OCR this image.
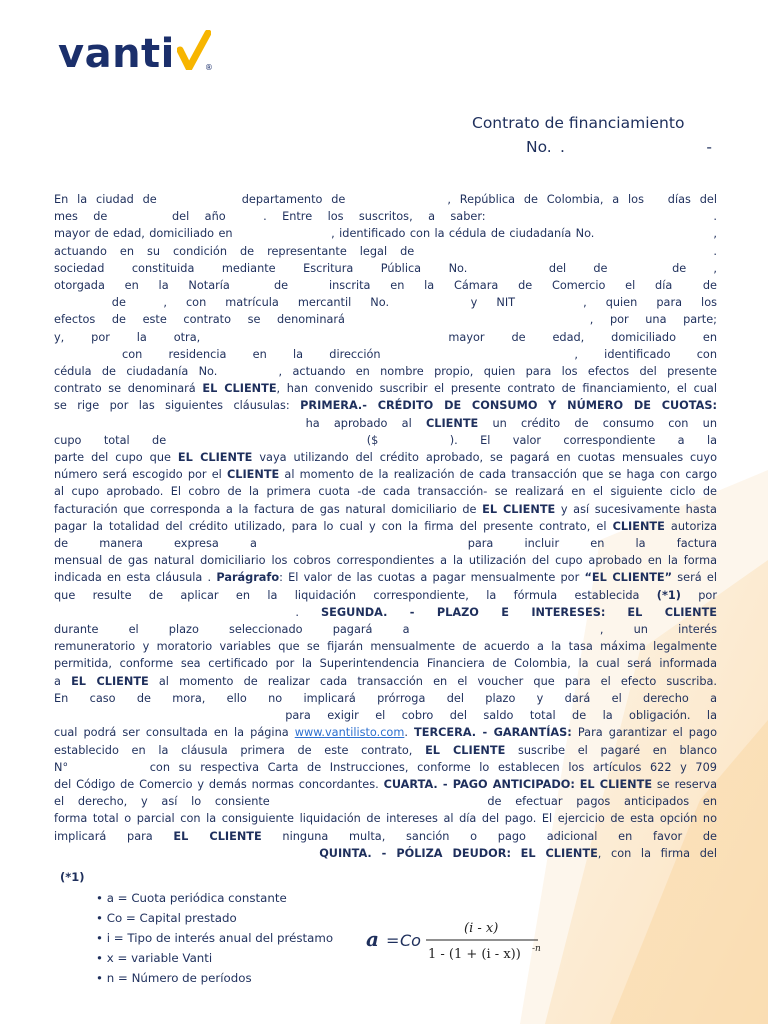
vanti	®
Contrato de financiamiento
No. .	-
En la ciudad de	departamento de	, República de Colombia, a los días del
mes de	del año	. Entre los suscritos, a saber:	.
mayor de edad, domiciliado en	, identificado con la cédula de ciudadanía No.	,
actuando en su condición de representante legal de	.
sociedad constituida mediante Escritura Pública No.	del de	de ,
otorgada en la Notaría	de	inscrita en la Cámara de Comercio el día	de
de	, con matrícula mercantil No.	y NIT	, quien para los
efectos de este contrato se denominará	, por una parte;
y, por la otra,	mayor de edad, domiciliado en
con residencia en la dirección	, identificado con
cédula de ciudadanía No.	, actuando en nombre propio, quien para los efectos del presente
contrato se denominará EL CLIENTE, han convenido suscribir el presente contrato de financiamiento, el cual
se rige por las siguientes cláusulas: PRIMERA.- CRÉDITO DE CONSUMO Y NÚMERO DE CUOTAS:
ha aprobado al CLIENTE un crédito de consumo con un
cupo total de	($	). El valor correspondiente a la
parte del cupo que EL CLIENTE vaya utilizando del crédito aprobado, se pagará en cuotas mensuales cuyo
número será escogido por el CLIENTE al momento de la realización de cada transacción que se haga con cargo
al cupo aprobado. El cobro de la primera cuota -de cada transacción- se realizará en el siguiente ciclo de
facturación que corresponda a la factura de gas natural domiciliario de EL CLIENTE y así sucesivamente hasta
pagar la totalidad del crédito utilizado, para lo cual y con la firma del presente contrato, el CLIENTE autoriza
de manera expresa a	para incluir en la factura
mensual de gas natural domiciliario los cobros correspondientes a la utilización del cupo aprobado en la forma
indicada en esta cláusula . Parágrafo: El valor de las cuotas a pagar mensualmente por “EL CLIENTE” será el
que resulte de aplicar en la liquidación correspondiente, la fórmula establecida (*1) por
. SEGUNDA. - PLAZO E INTERESES: EL CLIENTE
durante el plazo seleccionado pagará a	, un interés
remuneratorio y moratorio variables que se fijarán mensualmente de acuerdo a la tasa máxima legalmente
permitida, conforme sea certificado por la Superintendencia Financiera de Colombia, la cual será informada
a EL CLIENTE al momento de realizar cada transacción en el voucher que para el efecto suscriba.
En caso de mora, ello no implicará prórroga del plazo y dará el derecho a
para exigir el cobro del saldo total de la obligación. la
cual podrá ser consultada en la página www.vantilisto.com. TERCERA. - GARANTÍAS: Para garantizar el pago
establecido en la cláusula primera de este contrato, EL CLIENTE suscribe el pagaré en blanco
N°	con su respectiva Carta de Instrucciones, conforme lo establecen los artículos 622 y 709
del Código de Comercio y demás normas concordantes. CUARTA. - PAGO ANTICIPADO: EL CLIENTE se reserva
el derecho, y así lo consiente	de efectuar pagos anticipados en
forma total o parcial con la consiguiente liquidación de intereses al día del pago. El ejercicio de esta opción no
implicará para EL CLIENTE ninguna multa, sanción o pago adicional en favor de
QUINTA. - PÓLIZA DEUDOR: EL CLIENTE, con la firma del
(*1)
• a = Cuota periódica constante
• Co = Capital prestado
• i = Tipo de interés anual del préstamo
• x = variable Vanti
• n = Número de períodos
a = Co
(i - x)
1 - (1 + (i - x)) -n
